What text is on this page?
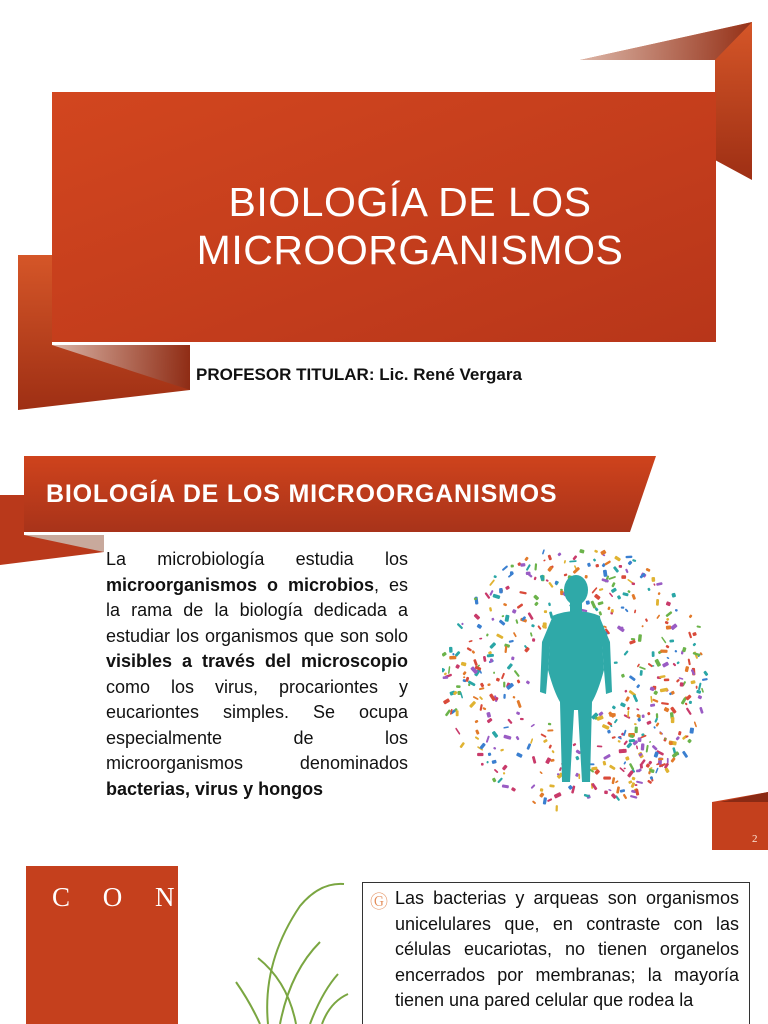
BIOLOGÍA DE LOS
MICROORGANISMOS
PROFESOR TITULAR: Lic. René Vergara
BIOLOGÍA DE LOS MICROORGANISMOS
La microbiología estudia los microorganismos o microbios, es la rama de la biología dedicada a estudiar los organismos que son solo visibles a través del microscopio como los virus, procariontes y eucariontes simples. Se ocupa especialmente de los microorganismos denominados bacterias, virus y hongos
2
C O N C	Ⓖ Las bacterias y arqueas son organismos unicelulares que, en contraste con las células eucariotas, no tienen organelos encerrados por membranas; la mayoría tienen una pared celular que rodea la
